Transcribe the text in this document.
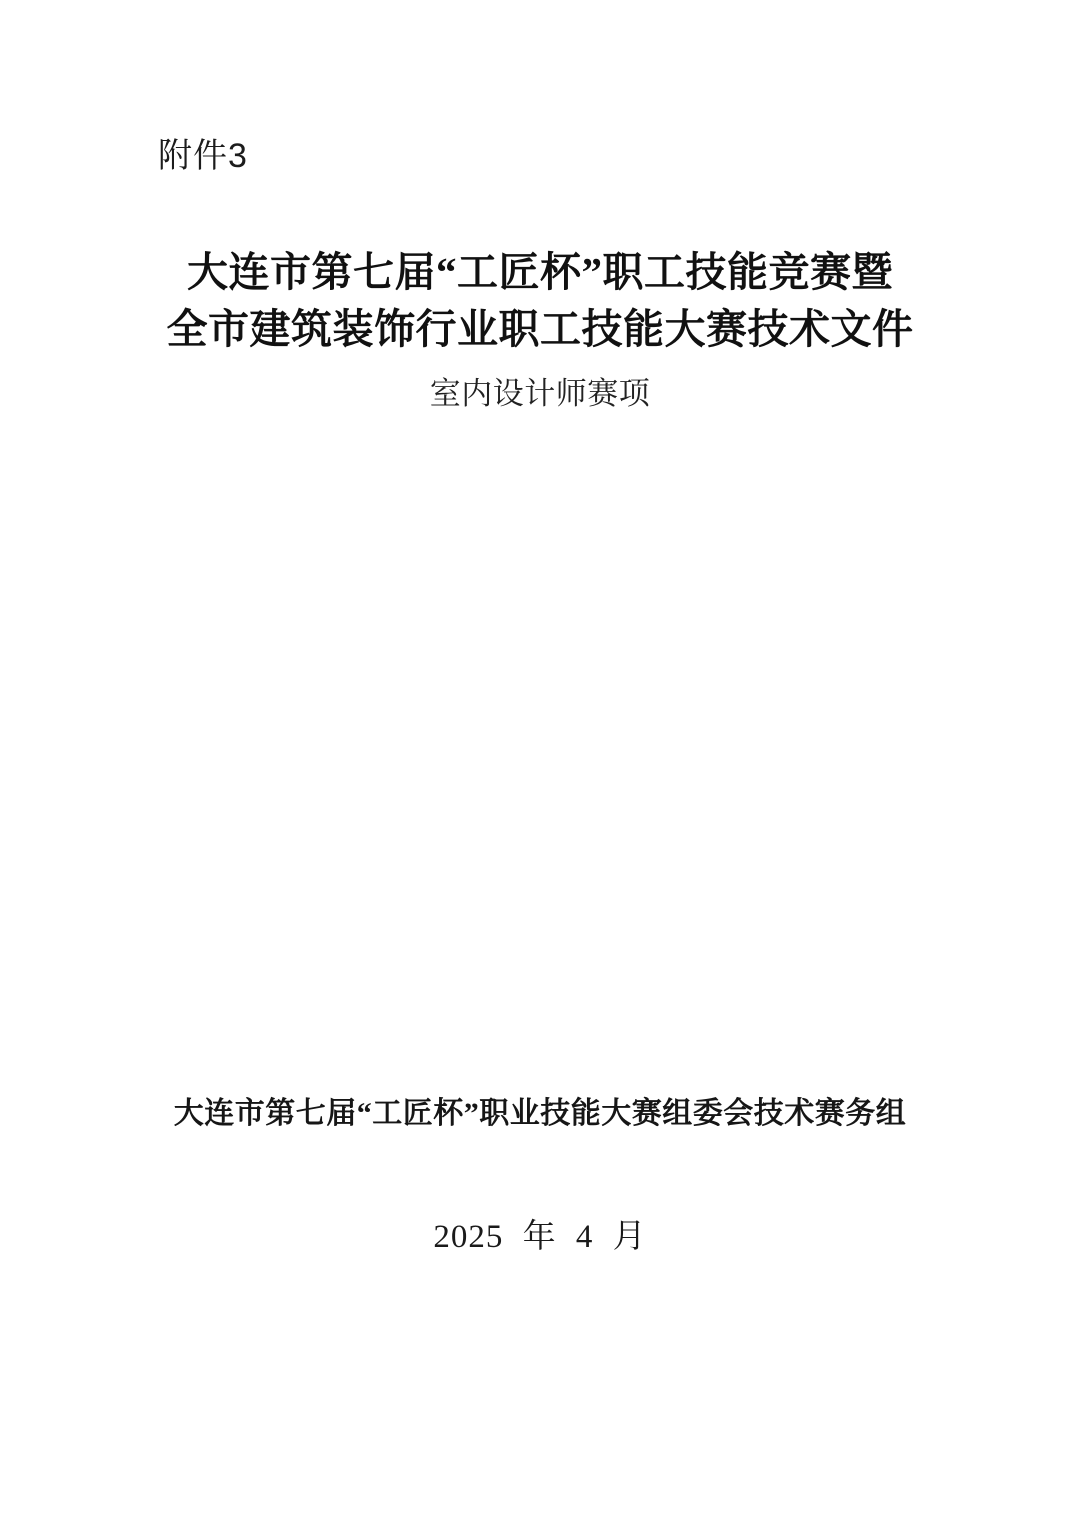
附件3
大连市第七届“工匠杯”职工技能竞赛暨
全市建筑装饰行业职工技能大赛技术文件
室内设计师赛项
大连市第七届“工匠杯”职业技能大赛组委会技术赛务组
2025 年 4 月
